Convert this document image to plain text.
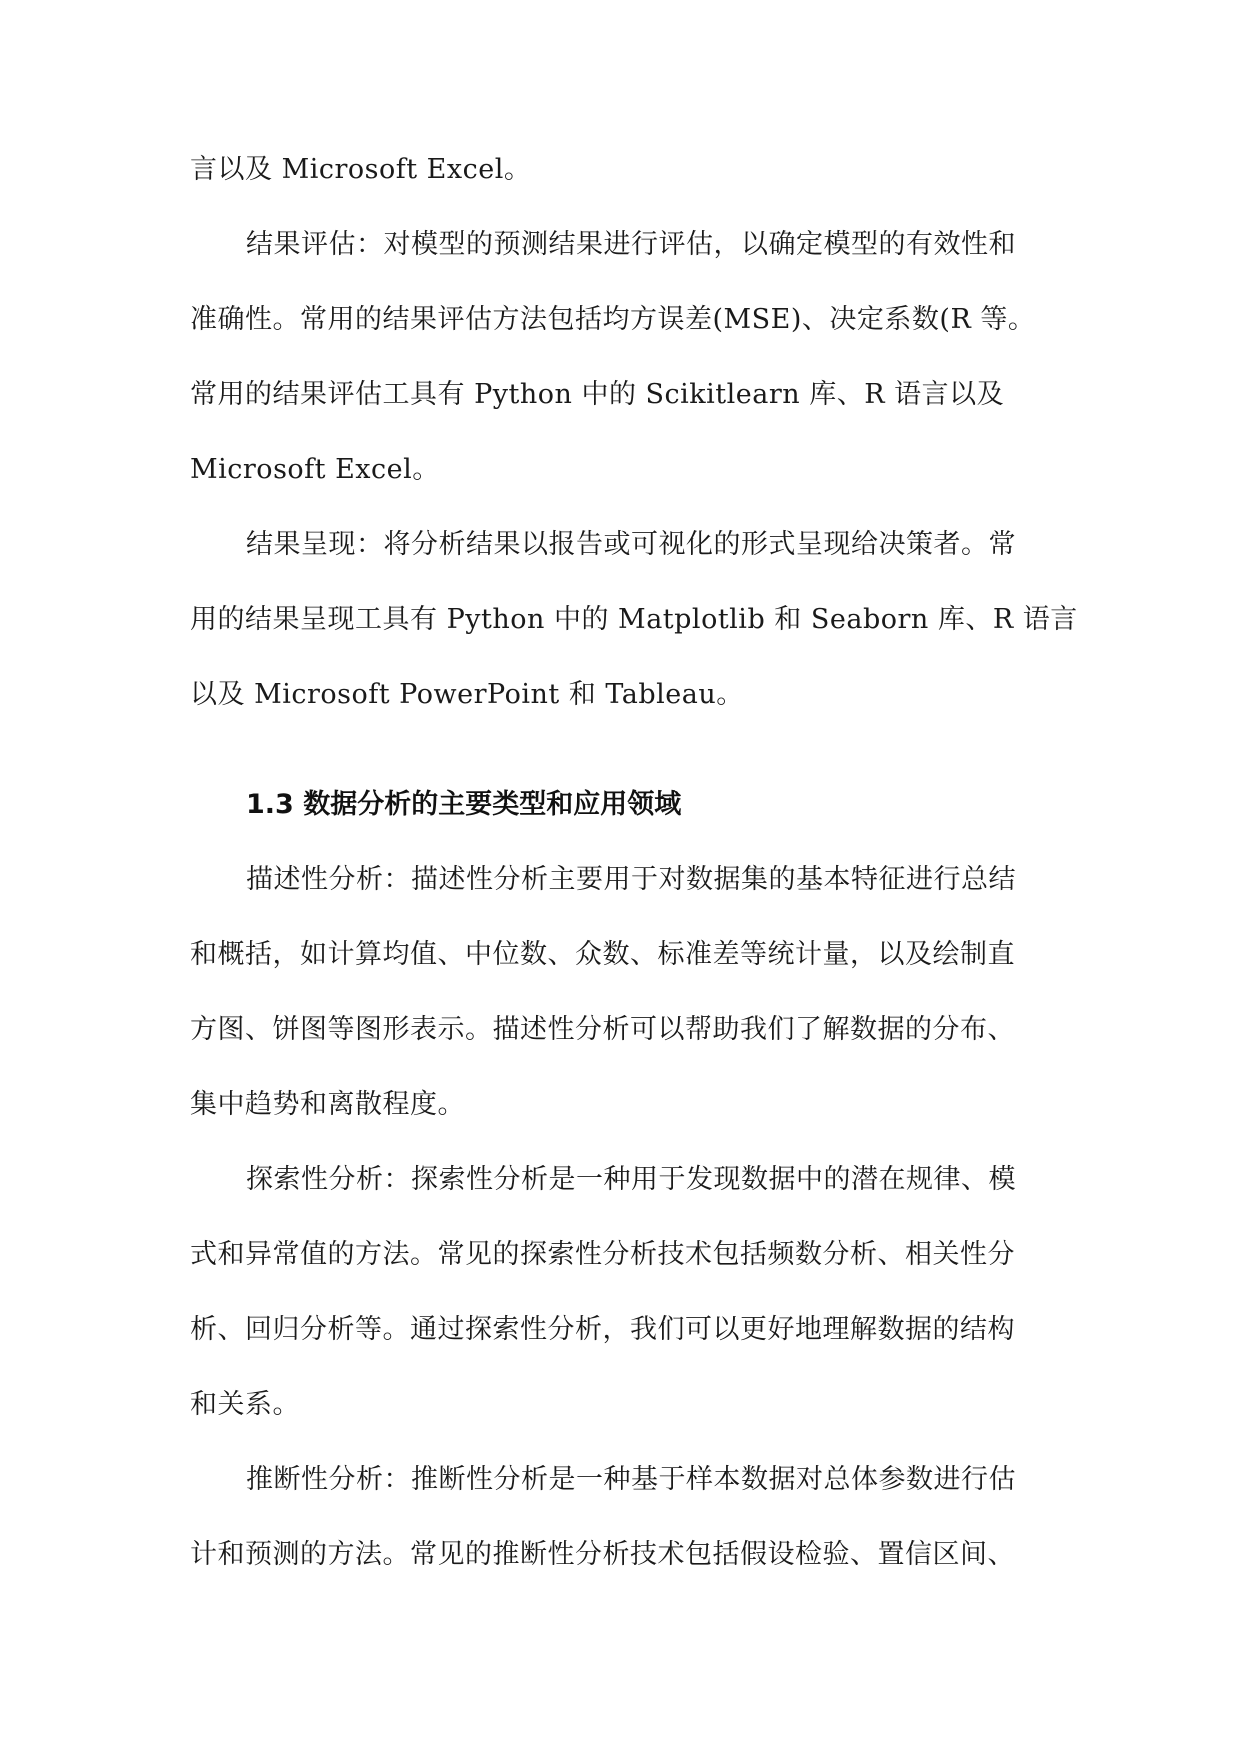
言以及 Microsoft Excel。
结果评估：对模型的预测结果进行评估，以确定模型的有效性和
准确性。常用的结果评估方法包括均方误差(MSE)、决定系数(R 等。
常用的结果评估工具有 Python 中的 Scikitlearn 库、R 语言以及
Microsoft Excel。
结果呈现：将分析结果以报告或可视化的形式呈现给决策者。常
用的结果呈现工具有 Python 中的 Matplotlib 和 Seaborn 库、R 语言
以及 Microsoft PowerPoint 和 Tableau。
1.3 数据分析的主要类型和应用领域
描述性分析：描述性分析主要用于对数据集的基本特征进行总结
和概括，如计算均值、中位数、众数、标准差等统计量，以及绘制直
方图、饼图等图形表示。描述性分析可以帮助我们了解数据的分布、
集中趋势和离散程度。
探索性分析：探索性分析是一种用于发现数据中的潜在规律、模
式和异常值的方法。常见的探索性分析技术包括频数分析、相关性分
析、回归分析等。通过探索性分析，我们可以更好地理解数据的结构
和关系。
推断性分析：推断性分析是一种基于样本数据对总体参数进行估
计和预测的方法。常见的推断性分析技术包括假设检验、置信区间、
